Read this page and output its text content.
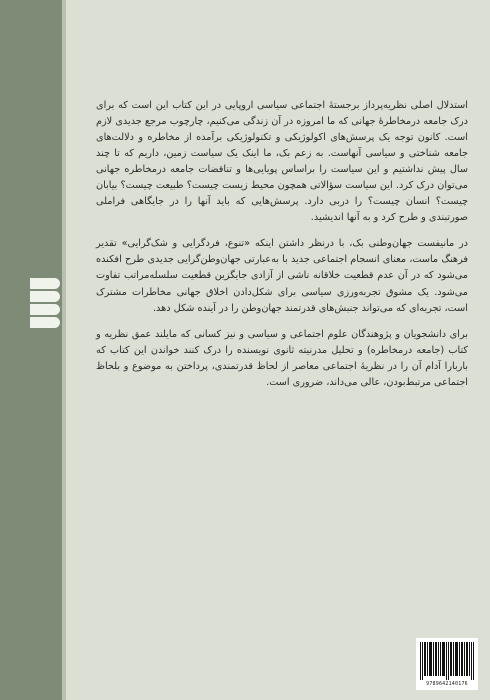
استدلال اصلی نظریه‌پرداز برجستهٔ اجتماعی سیاسی اروپایی در این کتاب این است که برای درک جامعه درمخاطرهٔ جهانی که ما امروزه در آن زندگی می‌کنیم، چارچوب مرجع جدیدی لازم است. کانون توجه یک پرسش‌های اکولوژیکی و تکنولوژیکی برآمده از مخاطره و دلالت‌های جامعه شناختی و سیاسی آنهاست. به زعم بک، ما اینک یک سیاست زمین، داریم که تا چند سال پیش نداشتیم و این سیاست را براساس پویایی‌ها و تناقضات جامعه درمخاطره جهانی می‌توان درک کرد. این سیاست سؤالاتی همچون محیط زیست چیست؟ طبیعت چیست؟ بیابان چیست؟ انسان چیست؟ را دربی دارد. پرسش‌هایی که باید آنها را در جایگاهی فراملی صورتبندی و طرح کرد و به آنها اندیشید.

در مانیفست جهان‌وطنی بک، با درنظر داشتن اینکه «تنوع، فردگرایی و شک‌گرایی» تقدیر فرهنگ ماست، معنای انسجام اجتماعی جدید با به‌عبارتی جهان‌وطن‌گرایی جدیدی طرح افکنده می‌شود که در آن عدم قطعیت خلاقانه ناشی از آزادی جایگزین قطعیت سلسله‌مراتب تفاوت می‌شود. یک مشوق تجربه‌ورزی سیاسی برای شکل‌دادن اخلاق جهانی مخاطرات مشترک است، تجربه‌ای که می‌تواند جنبش‌های قدرتمند جهان‌وطن را در آینده شکل دهد.

برای دانشجویان و پژوهندگان علوم اجتماعی و سیاسی و نیز کسانی که مایلند عمق نظریه و کتاب (جامعه درمخاطره) و تحلیل مدرنیته ثانوی نویسنده را درک کنند خواندن این کتاب که باربارا آدام آن را در نظریهٔ اجتماعی معاصر از لحاظ قدرتمندی، پرداختن به موضوع و بلحاظ اجتماعی مرتبط‌بودن، عالی می‌داند، ضروری است.

9789642140176
